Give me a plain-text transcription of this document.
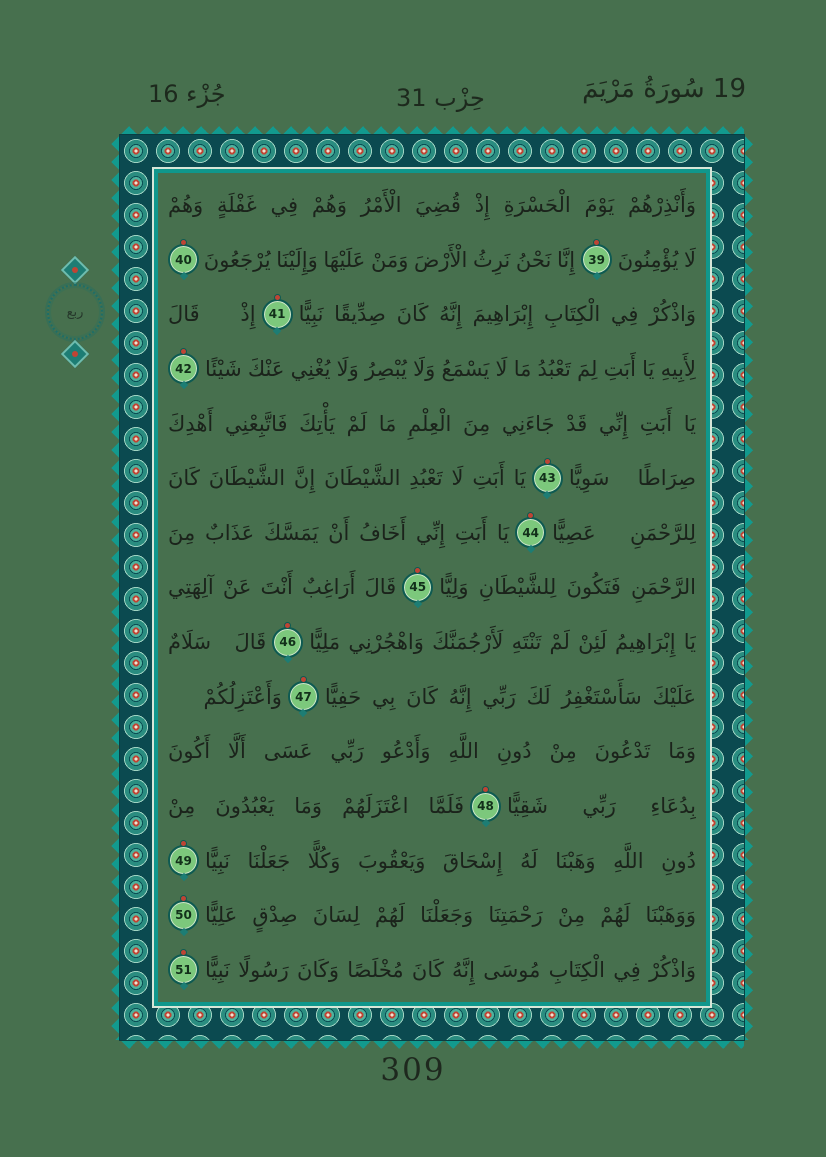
19 سُورَةُ مَرْيَمَ
حِزْب 31
جُزْء 16
ربع
وَأَنْذِرْهُمْ يَوْمَ الْحَسْرَةِ إِذْ قُضِيَ الْأَمْرُ وَهُمْ فِي غَفْلَةٍ وَهُمْ
لَا يُؤْمِنُونَ
39
إِنَّا نَحْنُ نَرِثُ الْأَرْضَ وَمَنْ عَلَيْهَا وَإِلَيْنَا يُرْجَعُونَ
40
وَاذْكُرْ فِي الْكِتَابِ إِبْرَاهِيمَ إِنَّهُ كَانَ صِدِّيقًا نَبِيًّا
41
إِذْ قَالَ
لِأَبِيهِ يَا أَبَتِ لِمَ تَعْبُدُ مَا لَا يَسْمَعُ وَلَا يُبْصِرُ وَلَا يُغْنِي عَنْكَ شَيْئًا
42
يَا أَبَتِ إِنِّي قَدْ جَاءَنِي مِنَ الْعِلْمِ مَا لَمْ يَأْتِكَ فَاتَّبِعْنِي أَهْدِكَ
صِرَاطًا سَوِيًّا
43
يَا أَبَتِ لَا تَعْبُدِ الشَّيْطَانَ إِنَّ الشَّيْطَانَ كَانَ
لِلرَّحْمَنِ عَصِيًّا
44
يَا أَبَتِ إِنِّي أَخَافُ أَنْ يَمَسَّكَ عَذَابٌ مِنَ
الرَّحْمَنِ فَتَكُونَ لِلشَّيْطَانِ وَلِيًّا
45
قَالَ أَرَاغِبٌ أَنْتَ عَنْ آلِهَتِي
يَا إِبْرَاهِيمُ لَئِنْ لَمْ تَنْتَهِ لَأَرْجُمَنَّكَ وَاهْجُرْنِي مَلِيًّا
46
قَالَ سَلَامٌ
عَلَيْكَ سَأَسْتَغْفِرُ لَكَ رَبِّي إِنَّهُ كَانَ بِي حَفِيًّا
47
وَأَعْتَزِلُكُمْ
وَمَا تَدْعُونَ مِنْ دُونِ اللَّهِ وَأَدْعُو رَبِّي عَسَى أَلَّا أَكُونَ
بِدُعَاءِ رَبِّي شَقِيًّا
48
فَلَمَّا اعْتَزَلَهُمْ وَمَا يَعْبُدُونَ مِنْ
دُونِ اللَّهِ وَهَبْنَا لَهُ إِسْحَاقَ وَيَعْقُوبَ وَكُلًّا جَعَلْنَا نَبِيًّا
49
وَوَهَبْنَا لَهُمْ مِنْ رَحْمَتِنَا وَجَعَلْنَا لَهُمْ لِسَانَ صِدْقٍ عَلِيًّا
50
وَاذْكُرْ فِي الْكِتَابِ مُوسَى إِنَّهُ كَانَ مُخْلَصًا وَكَانَ رَسُولًا نَبِيًّا
51
309
